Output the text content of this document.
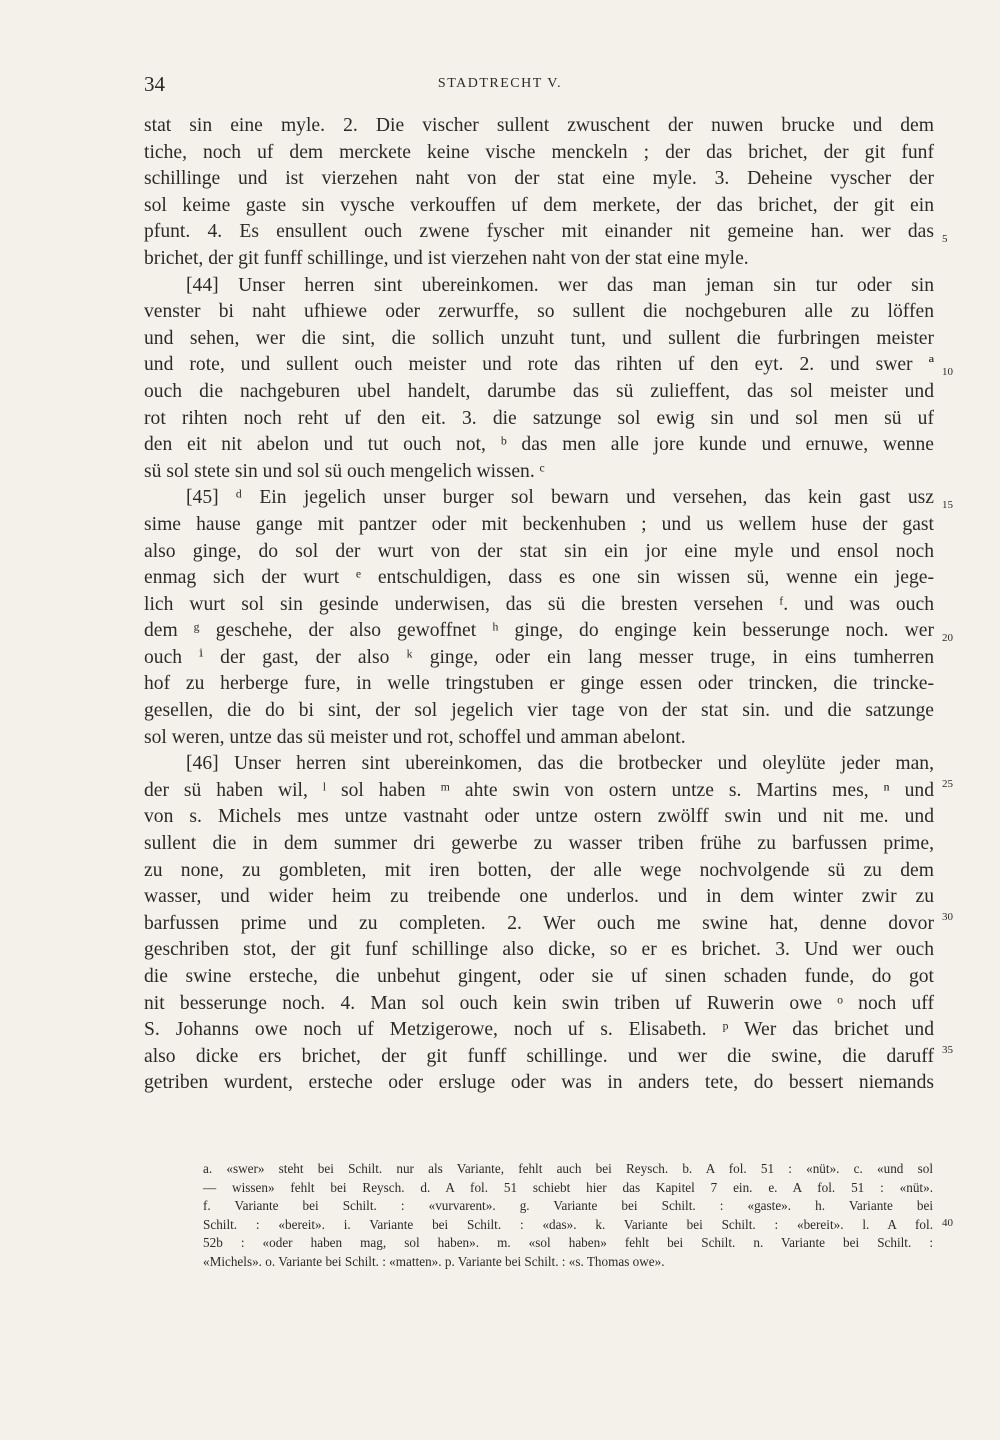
34	STADTRECHT V.
stat sin eine myle. 2. Die vischer sullent zwuschent der nuwen brucke und dem
tiche, noch uf dem merckete keine vische menckeln ; der das brichet, der git funf
schillinge und ist vierzehen naht von der stat eine myle. 3. Deheine vyscher der
sol keime gaste sin vysche verkouffen uf dem merkete, der das brichet, der git ein
pfunt. 4. Es ensullent ouch zwene fyscher mit einander nit gemeine han. wer das
brichet, der git funff schillinge, und ist vierzehen naht von der stat eine myle.
[44] Unser herren sint ubereinkomen. wer das man jeman sin tur oder sin
venster bi naht ufhiewe oder zerwurffe, so sullent die nochgeburen alle zu löffen
und sehen, wer die sint, die sollich unzuht tunt, und sullent die furbringen meister
und rote, und sullent ouch meister und rote das rihten uf den eyt. 2. und swer ª
ouch die nachgeburen ubel handelt, darumbe das sü zulieffent, das sol meister und
rot rihten noch reht uf den eit. 3. die satzunge sol ewig sin und sol men sü uf
den eit nit abelon und tut ouch not, ᵇ das men alle jore kunde und ernuwe, wenne
sü sol stete sin und sol sü ouch mengelich wissen. ᶜ
[45] ᵈ Ein jegelich unser burger sol bewarn und versehen, das kein gast usz
sime hause gange mit pantzer oder mit beckenhuben ; und us wellem huse der gast
also ginge, do sol der wurt von der stat sin ein jor eine myle und ensol noch
enmag sich der wurt ᵉ entschuldigen, dass es one sin wissen sü, wenne ein jege-
lich wurt sol sin gesinde underwisen, das sü die bresten versehen ᶠ. und was ouch
dem ᵍ geschehe, der also gewoffnet ʰ ginge, do enginge kein besserunge noch. wer
ouch ⁱ der gast, der also ᵏ ginge, oder ein lang messer truge, in eins tumherren
hof zu herberge fure, in welle tringstuben er ginge essen oder trincken, die trincke-
gesellen, die do bi sint, der sol jegelich vier tage von der stat sin. und die satzunge
sol weren, untze das sü meister und rot, schoffel und amman abelont.
[46] Unser herren sint ubereinkomen, das die brotbecker und oleylüte jeder man,
der sü haben wil, ˡ sol haben ᵐ ahte swin von ostern untze s. Martins mes, ⁿ und
von s. Michels mes untze vastnaht oder untze ostern zwölff swin und nit me. und
sullent die in dem summer dri gewerbe zu wasser triben frühe zu barfussen prime,
zu none, zu gombleten, mit iren botten, der alle wege nochvolgende sü zu dem
wasser, und wider heim zu treibende one underlos. und in dem winter zwir zu
barfussen prime und zu completen. 2. Wer ouch me swine hat, denne dovor
geschriben stot, der git funf schillinge also dicke, so er es brichet. 3. Und wer ouch
die swine ersteche, die unbehut gingent, oder sie uf sinen schaden funde, do got
nit besserunge noch. 4. Man sol ouch kein swin triben uf Ruwerin owe ᵒ noch uff
S. Johanns owe noch uf Metzigerowe, noch uf s. Elisabeth. ᵖ Wer das brichet und
also dicke ers brichet, der git funff schillinge. und wer die swine, die daruff
getriben wurdent, ersteche oder ersluge oder was in anders tete, do bessert niemands
5
10
15
20
25
30
35
a. «swer» steht bei Schilt. nur als Variante, fehlt auch bei Reysch. b. A fol. 51 : «nüt». c. «und sol
— wissen» fehlt bei Reysch. d. A fol. 51 schiebt hier das Kapitel 7 ein. e. A fol. 51 : «nüt».
f. Variante bei Schilt. : «vurvarent». g. Variante bei Schilt. : «gaste». h. Variante bei
Schilt. : «bereit». i. Variante bei Schilt. : «das». k. Variante bei Schilt. : «bereit». l. A fol.
52b : «oder haben mag, sol haben». m. «sol haben» fehlt bei Schilt. n. Variante bei Schilt. :
«Michels». o. Variante bei Schilt. : «matten». p. Variante bei Schilt. : «s. Thomas owe».
40
